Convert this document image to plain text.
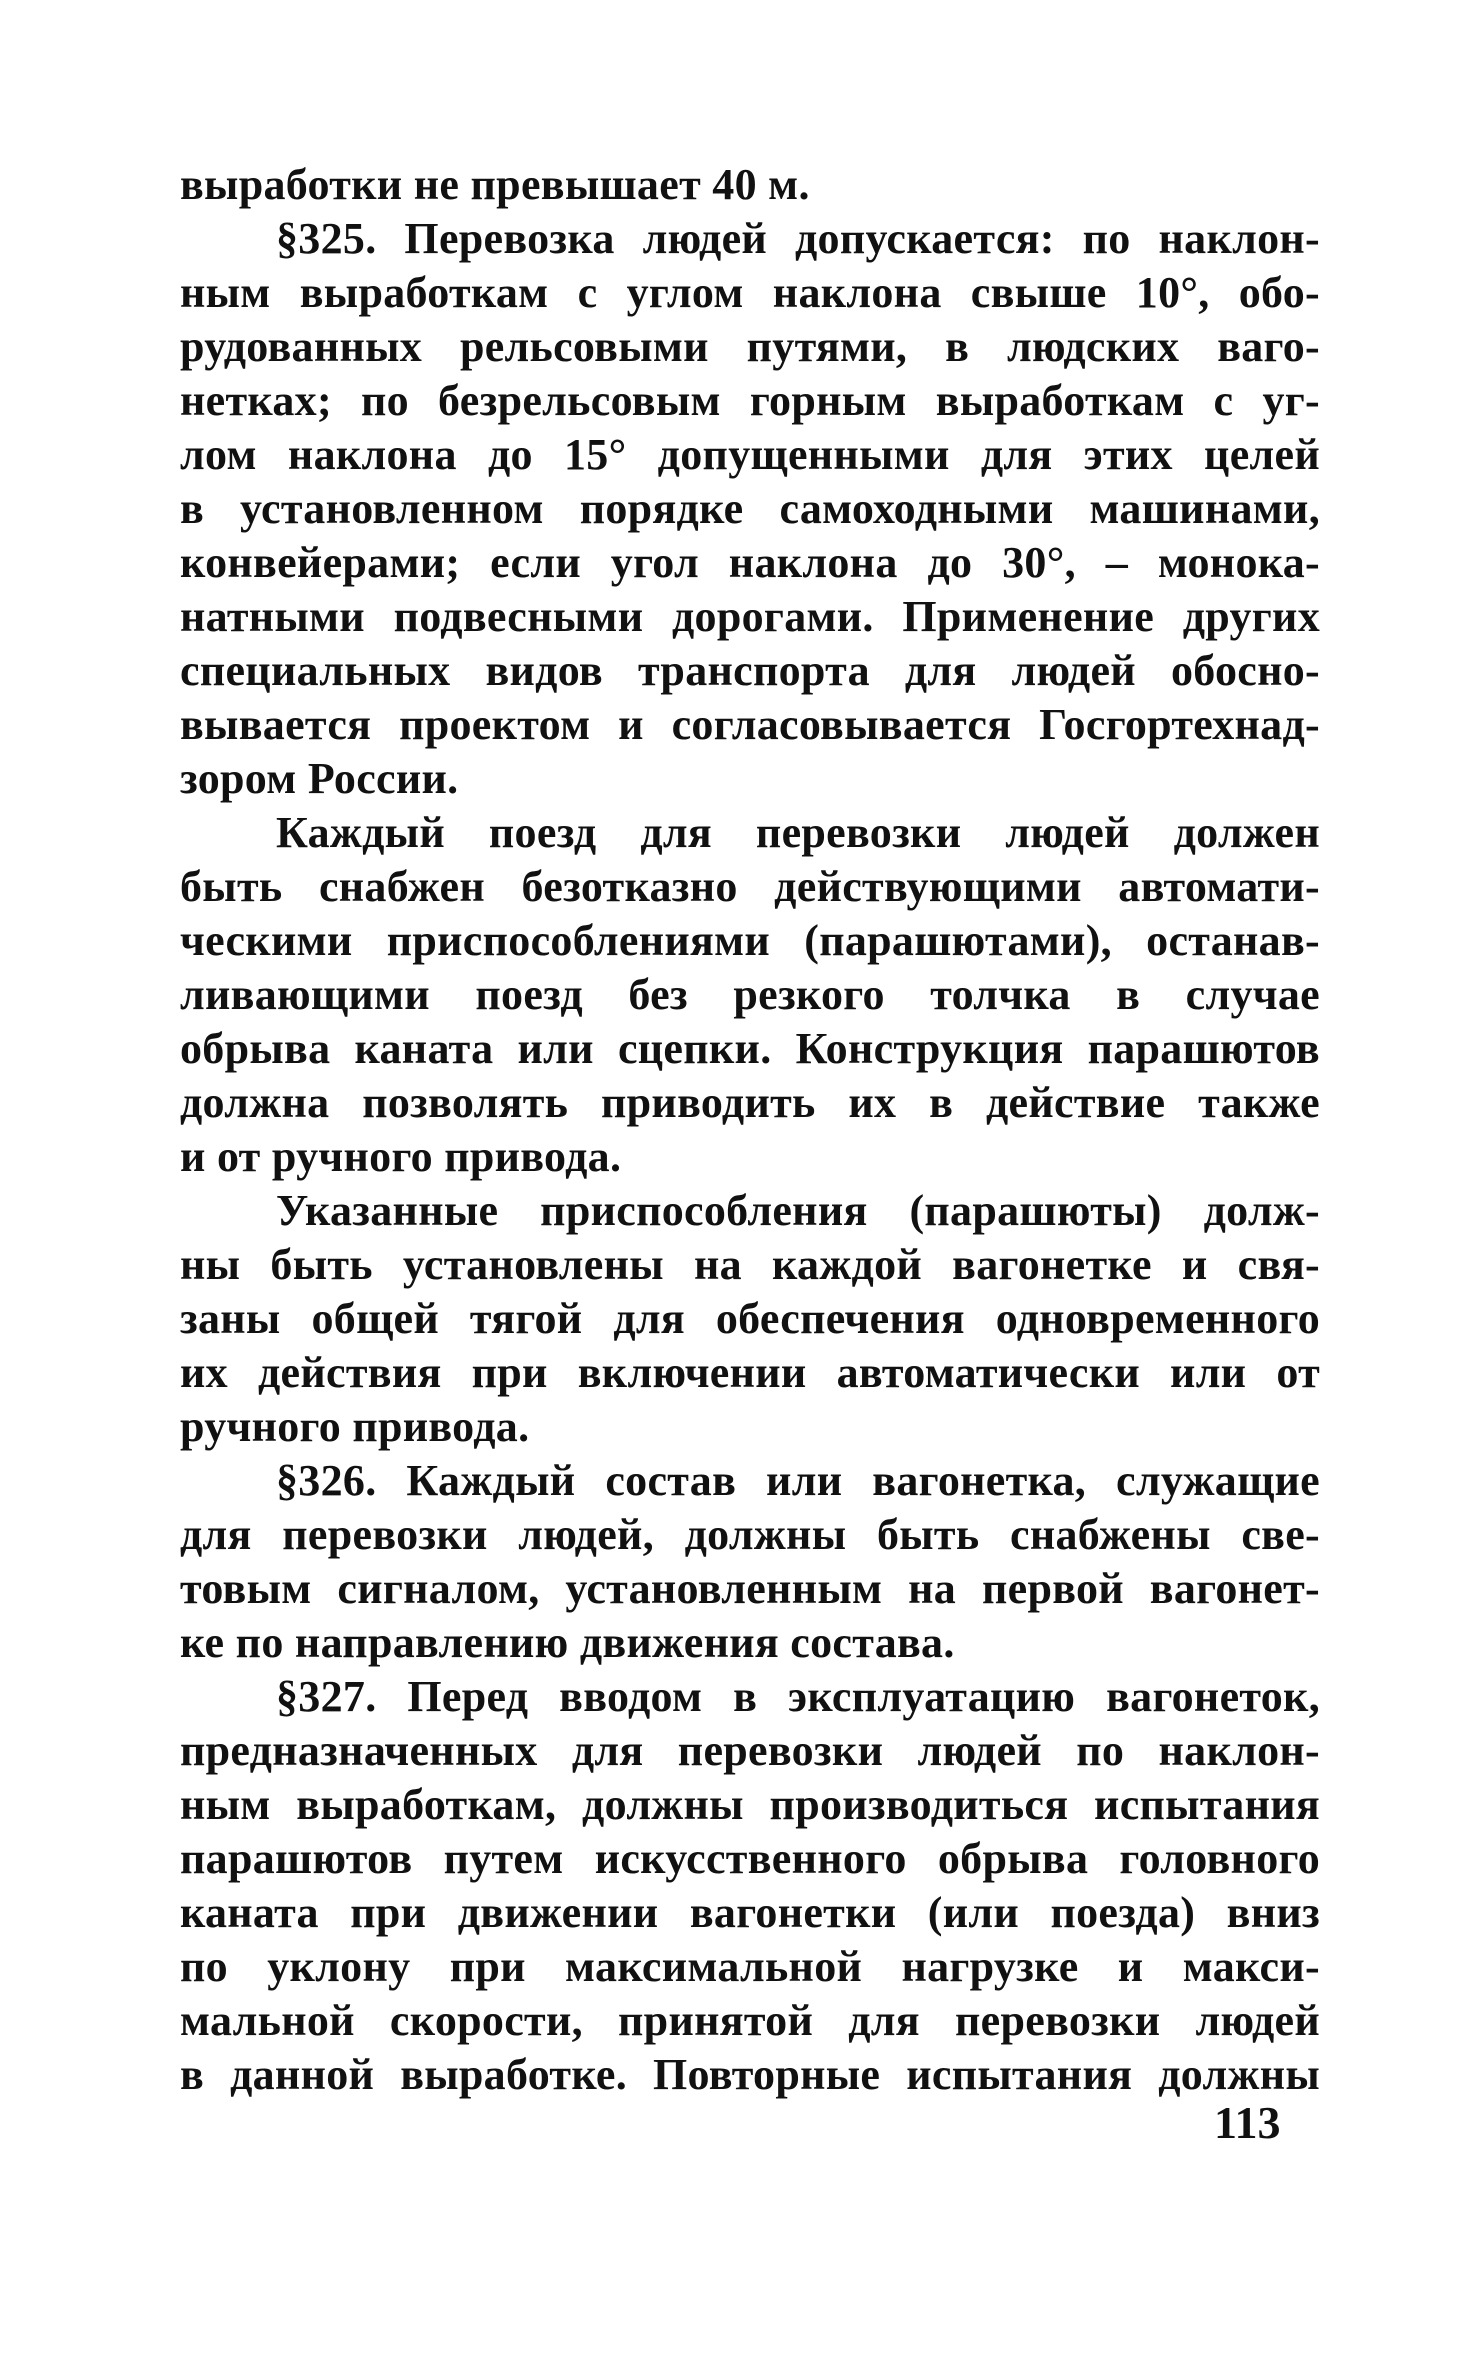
выработки не превышает 40 м.
§325. Перевозка людей допускается: по наклон-
ным выработкам с углом наклона свыше 10°, обо-
рудованных рельсовыми путями, в людских ваго-
нетках; по безрельсовым горным выработкам с уг-
лом наклона до 15° допущенными для этих целей
в установленном порядке самоходными машинами,
конвейерами; если угол наклона до 30°, – монока-
натными подвесными дорогами. Применение других
специальных видов транспорта для людей обосно-
вывается проектом и согласовывается Госгортехнад-
зором России.
Каждый поезд для перевозки людей должен
быть снабжен безотказно действующими автомати-
ческими приспособлениями (парашютами), останав-
ливающими поезд без резкого толчка в случае
обрыва каната или сцепки. Конструкция парашютов
должна позволять приводить их в действие также
и от ручного привода.
Указанные приспособления (парашюты) долж-
ны быть установлены на каждой вагонетке и свя-
заны общей тягой для обеспечения одновременного
их действия при включении автоматически или от
ручного привода.
§326. Каждый состав или вагонетка, служащие
для перевозки людей, должны быть снабжены све-
товым сигналом, установленным на первой вагонет-
ке по направлению движения состава.
§327. Перед вводом в эксплуатацию вагонеток,
предназначенных для перевозки людей по наклон-
ным выработкам, должны производиться испытания
парашютов путем искусственного обрыва головного
каната при движении вагонетки (или поезда) вниз
по уклону при максимальной нагрузке и макси-
мальной скорости, принятой для перевозки людей
в данной выработке. Повторные испытания должны
113
